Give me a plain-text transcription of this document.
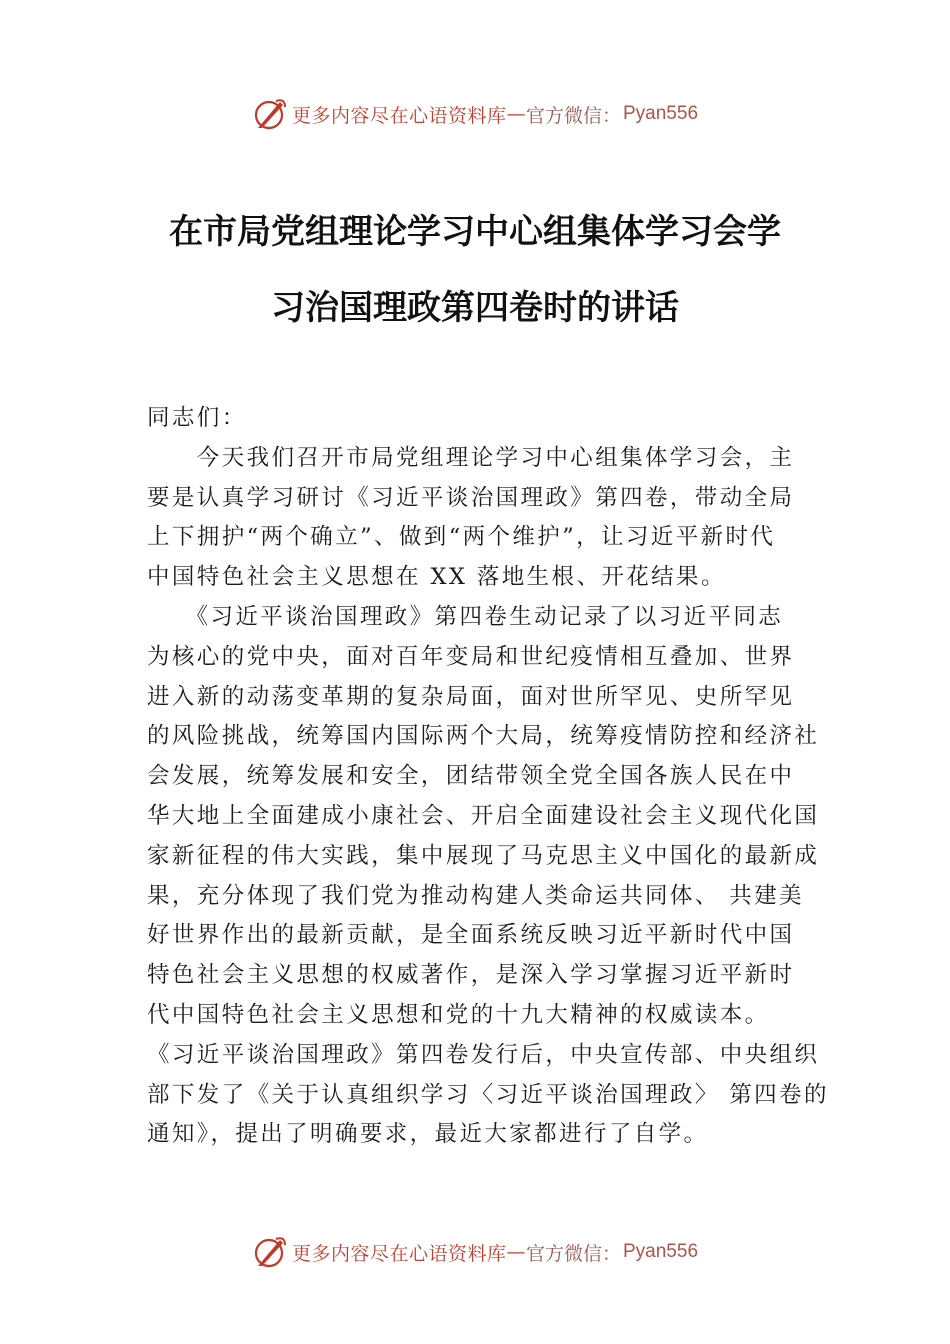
更多内容尽在心语资料库 — 官方微信： Pyan556
在市局党组理论学习中心组集体学习会学
习治国理政第四卷时的讲话
同志们：
　　今天我们召开市局党组理论学习中心组集体学习会，主
要是认真学习研讨《习近平谈治国理政》第四卷，带动全局
上下拥护“两个确立”、做到“两个维护”，让习近平新时代
中国特色社会主义思想在 XX 落地生根、开花结果。
　　《习近平谈治国理政》第四卷生动记录了以习近平同志
为核心的党中央，面对百年变局和世纪疫情相互叠加、世界
进入新的动荡变革期的复杂局面，面对世所罕见、史所罕见
的风险挑战，统筹国内国际两个大局，统筹疫情防控和经济社
会发展，统筹发展和安全，团结带领全党全国各族人民在中
华大地上全面建成小康社会、开启全面建设社会主义现代化国
家新征程的伟大实践，集中展现了马克思主义中国化的最新成
果，充分体现了我们党为推动构建人类命运共同体、 共建美
好世界作出的最新贡献，是全面系统反映习近平新时代中国
特色社会主义思想的权威著作，是深入学习掌握习近平新时
代中国特色社会主义思想和党的十九大精神的权威读本。
《习近平谈治国理政》第四卷发行后，中央宣传部、中央组织
部下发了《关于认真组织学习〈习近平谈治国理政〉 第四卷的
通知》，提出了明确要求，最近大家都进行了自学。
更多内容尽在心语资料库 — 官方微信： Pyan556
